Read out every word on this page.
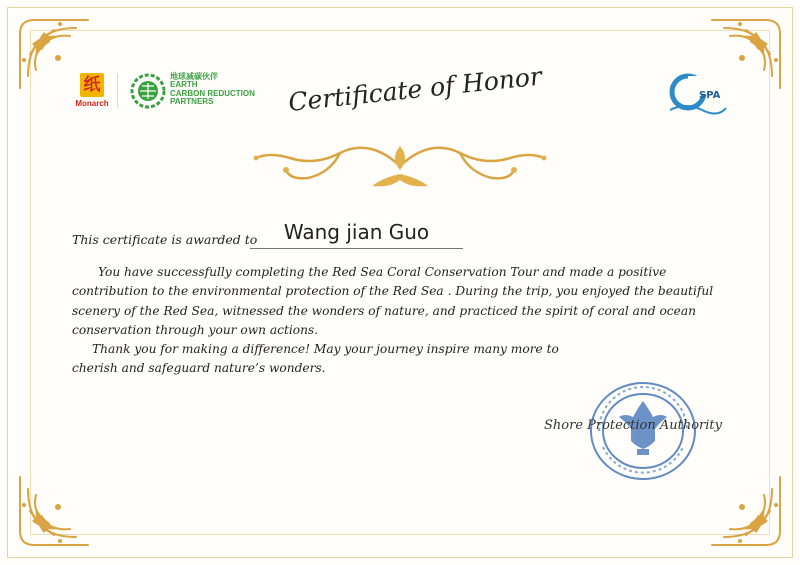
纸
Monarch
地球减碳伙伴
EARTH
CARBON REDUCTION
PARTNERS
SPA
Certificate of Honor
This certificate is awarded to	Wang jian Guo

You have successfully completing the Red Sea Coral Conservation Tour and made a positive contribution to the environmental protection of the Red Sea . During the trip, you enjoyed the beautiful scenery of the Red Sea, witnessed the wonders of nature, and practiced the spirit of coral and ocean conservation through your own actions.

Thank you for making a difference! May your journey inspire many more to cherish and safeguard nature’s wonders.

Shore Protection Authority
